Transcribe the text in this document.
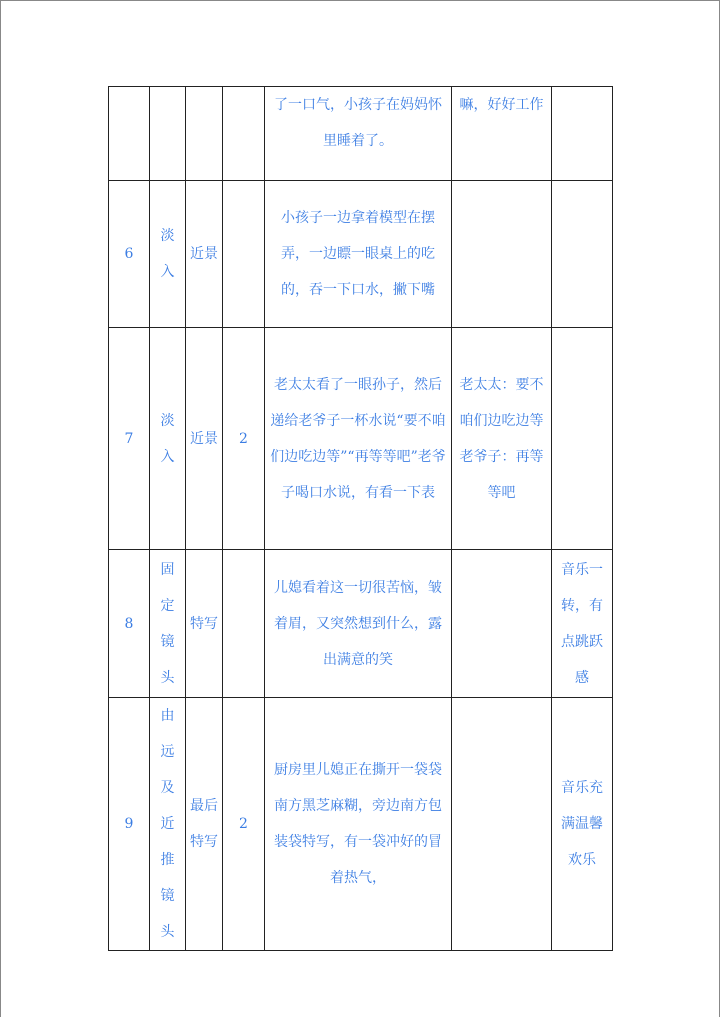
				了一口气，小孩子在妈妈怀里睡着了。	嘛，好好工作	

6	淡入	近景		小孩子一边拿着模型在摆弄，一边瞟一眼桌上的吃的，吞一下口水，撇下嘴		
7	淡入	近景	2	老太太看了一眼孙子，然后递给老爷子一杯水说“要不咱们边吃边等”“再等等吧”老爷子喝口水说，有看一下表	老太太：要不咱们边吃边等
老爷子：再等等吧	

8	固定镜头	特写		儿媳看着这一切很苦恼，皱着眉，又突然想到什么，露出满意的笑		音乐一转，有点跳跃感
9	由远及近推镜头	最后特写	2	厨房里儿媳正在撕开一袋袋南方黑芝麻糊，旁边南方包装袋特写，有一袋冲好的冒着热气，		音乐充满温馨欢乐
